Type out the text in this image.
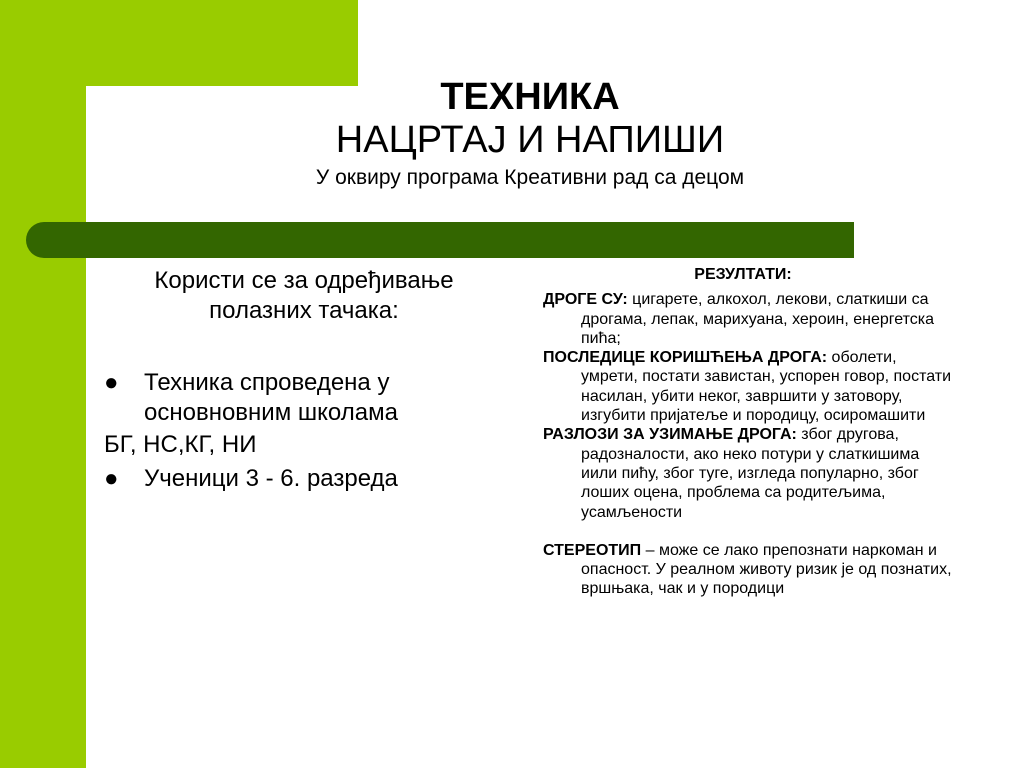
ТЕХНИКА
НАЦРТАЈ И НАПИШИ
У оквиру програма Креативни рад са децом
Користи се за одређивање полазних тачака:
● Техника спроведена у основновним школама
БГ, НС,КГ, НИ
● Ученици 3 - 6. разреда
РЕЗУЛТАТИ:
ДРОГЕ СУ: цигарете, алкохол, лекови, слаткиши са дрогама, лепак, марихуана, хероин, енергетска пића;
ПОСЛЕДИЦЕ КОРИШЋЕЊА ДРОГА: оболети, умрети, постати завистан, успорен говор, постати насилан, убити неког, завршити у затовору, изгубити пријатеље и породицу, осиромашити
РАЗЛОЗИ ЗА УЗИМАЊЕ ДРОГА: због другова, радозналости, ако неко потури у слаткишима иили пићу, због туге, изгледа популарно, због лоших оцена, проблема са родитељима, усамљености
СТЕРЕОТИП – може се лако препознати наркоман и опасност. У реалном животу ризик је од познатих, вршњака, чак и у породици
